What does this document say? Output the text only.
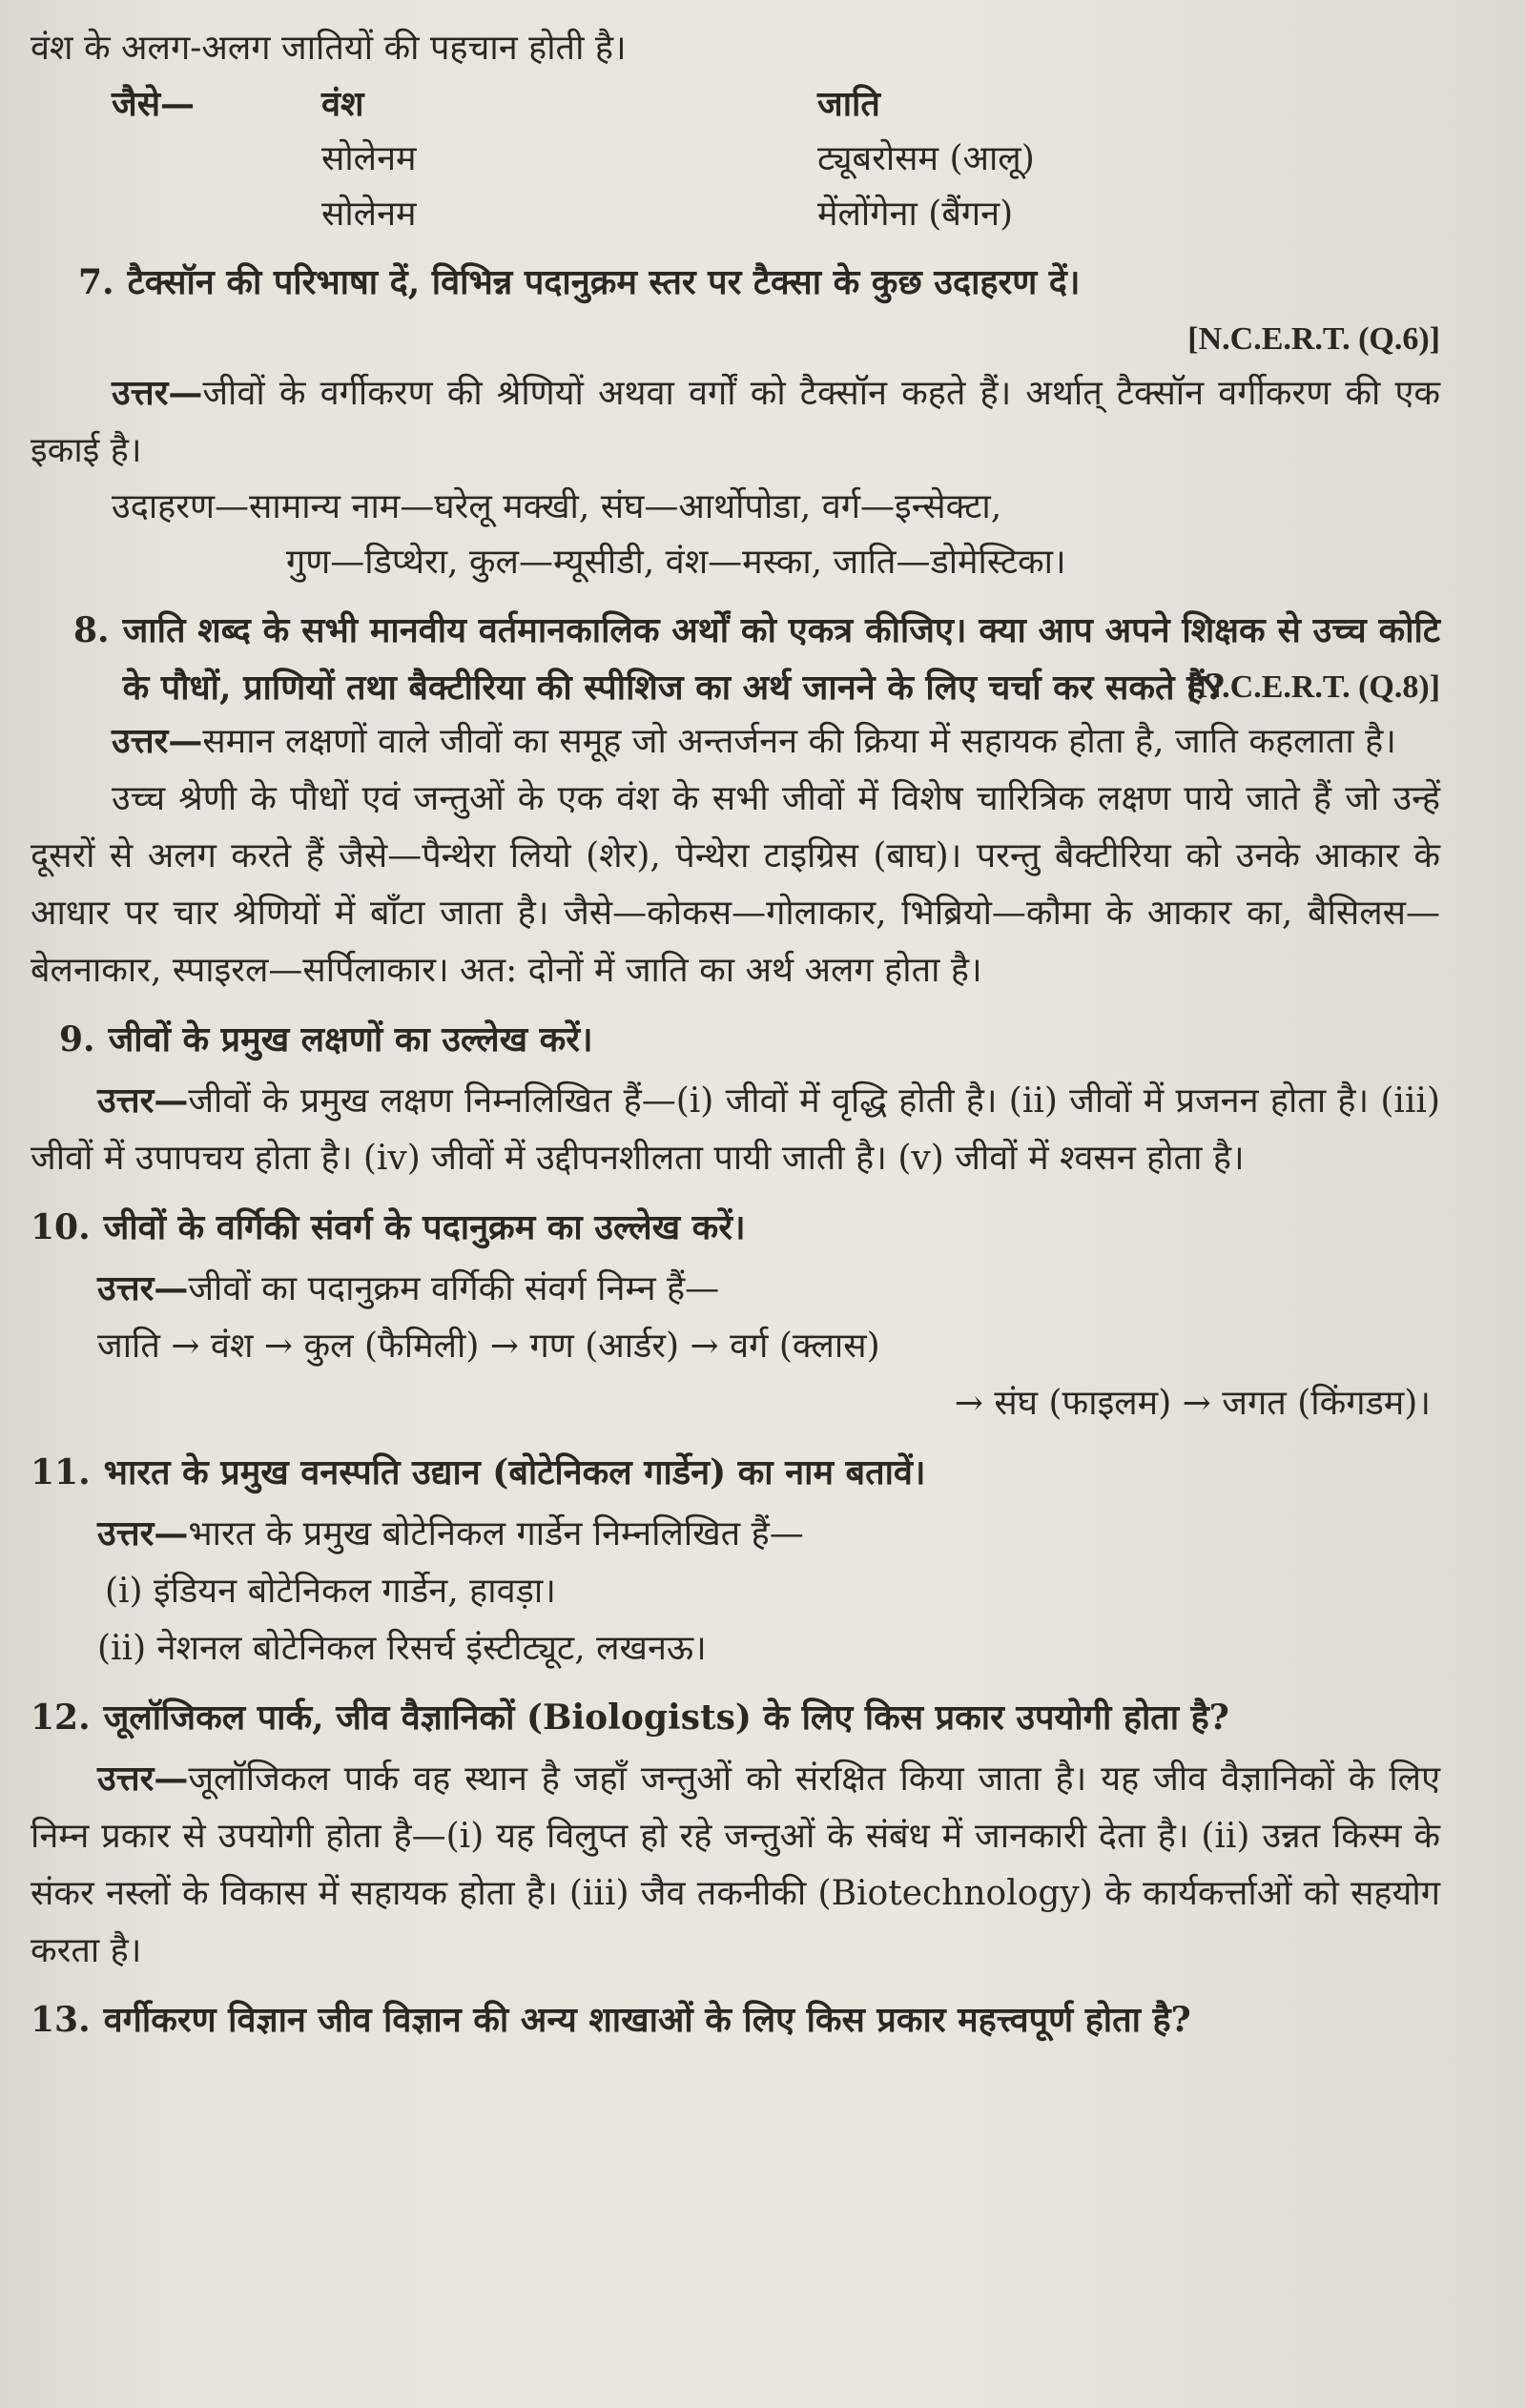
वंश के अलग-अलग जातियों की पहचान होती है।
जैसे—	वंश	जाति
सोलेनम	ट्यूबरोसम (आलू)
सोलेनम	मेंलोंगेना (बैंगन)
7. टैक्सॉन की परिभाषा दें, विभिन्न पदानुक्रम स्तर पर टैक्सा के कुछ उदाहरण दें।
[N.C.E.R.T. (Q.6)]

उत्तर—जीवों के वर्गीकरण की श्रेणियों अथवा वर्गों को टैक्सॉन कहते हैं। अर्थात् टैक्सॉन वर्गीकरण की एक इकाई है।

उदाहरण—सामान्य नाम—घरेलू मक्खी, संघ—आर्थोपोडा, वर्ग—इन्सेक्टा,
गुण—डिप्थेरा, कुल—म्यूसीडी, वंश—मस्का, जाति—डोमेस्टिका।
8. जाति शब्द के सभी मानवीय वर्तमानकालिक अर्थों को एकत्र कीजिए। क्या आप अपने शिक्षक से उच्च कोटि के पौधों, प्राणियों तथा बैक्टीरिया की स्पीशिज का अर्थ जानने के लिए चर्चा कर सकते हैं?
[N.C.E.R.T. (Q.8)]

उत्तर—समान लक्षणों वाले जीवों का समूह जो अन्तर्जनन की क्रिया में सहायक होता है, जाति कहलाता है।

उच्च श्रेणी के पौधों एवं जन्तुओं के एक वंश के सभी जीवों में विशेष चारित्रिक लक्षण पाये जाते हैं जो उन्हें दूसरों से अलग करते हैं जैसे—पैन्थेरा लियो (शेर), पेन्थेरा टाइग्रिस (बाघ)। परन्तु बैक्टीरिया को उनके आकार के आधार पर चार श्रेणियों में बाँटा जाता है। जैसे—कोकस—गोलाकार, भिब्रियो—कौमा के आकार का, बैसिलस—बेलनाकार, स्पाइरल—सर्पिलाकार। अत: दोनों में जाति का अर्थ अलग होता है।

9. जीवों के प्रमुख लक्षणों का उल्लेख करें।

उत्तर—जीवों के प्रमुख लक्षण निम्नलिखित हैं—(i) जीवों में वृद्धि होती है। (ii) जीवों में प्रजनन होता है। (iii) जीवों में उपापचय होता है। (iv) जीवों में उद्दीपनशीलता पायी जाती है। (v) जीवों में श्वसन होता है।

10. जीवों के वर्गिकी संवर्ग के पदानुक्रम का उल्लेख करें।

उत्तर—जीवों का पदानुक्रम वर्गिकी संवर्ग निम्न हैं—

जाति → वंश → कुल (फैमिली) → गण (आर्डर) → वर्ग (क्लास)
→ संघ (फाइलम) → जगत (किंगडम)।
11. भारत के प्रमुख वनस्पति उद्यान (बोटेनिकल गार्डेन) का नाम बतावें।

उत्तर—भारत के प्रमुख बोटेनिकल गार्डेन निम्नलिखित हैं—

(i) इंडियन बोटेनिकल गार्डेन, हावड़ा।
(ii) नेशनल बोटेनिकल रिसर्च इंस्टीट्यूट, लखनऊ।
12. जूलॉजिकल पार्क, जीव वैज्ञानिकों (Biologists) के लिए किस प्रकार उपयोगी होता है?

उत्तर—जूलॉजिकल पार्क वह स्थान है जहाँ जन्तुओं को संरक्षित किया जाता है। यह जीव वैज्ञानिकों के लिए निम्न प्रकार से उपयोगी होता है—(i) यह विलुप्त हो रहे जन्तुओं के संबंध में जानकारी देता है। (ii) उन्नत किस्म के संकर नस्लों के विकास में सहायक होता है। (iii) जैव तकनीकी (Biotechnology) के कार्यकर्त्ताओं को सहयोग करता है।

13. वर्गीकरण विज्ञान जीव विज्ञान की अन्य शाखाओं के लिए किस प्रकार महत्त्वपूर्ण होता है?
